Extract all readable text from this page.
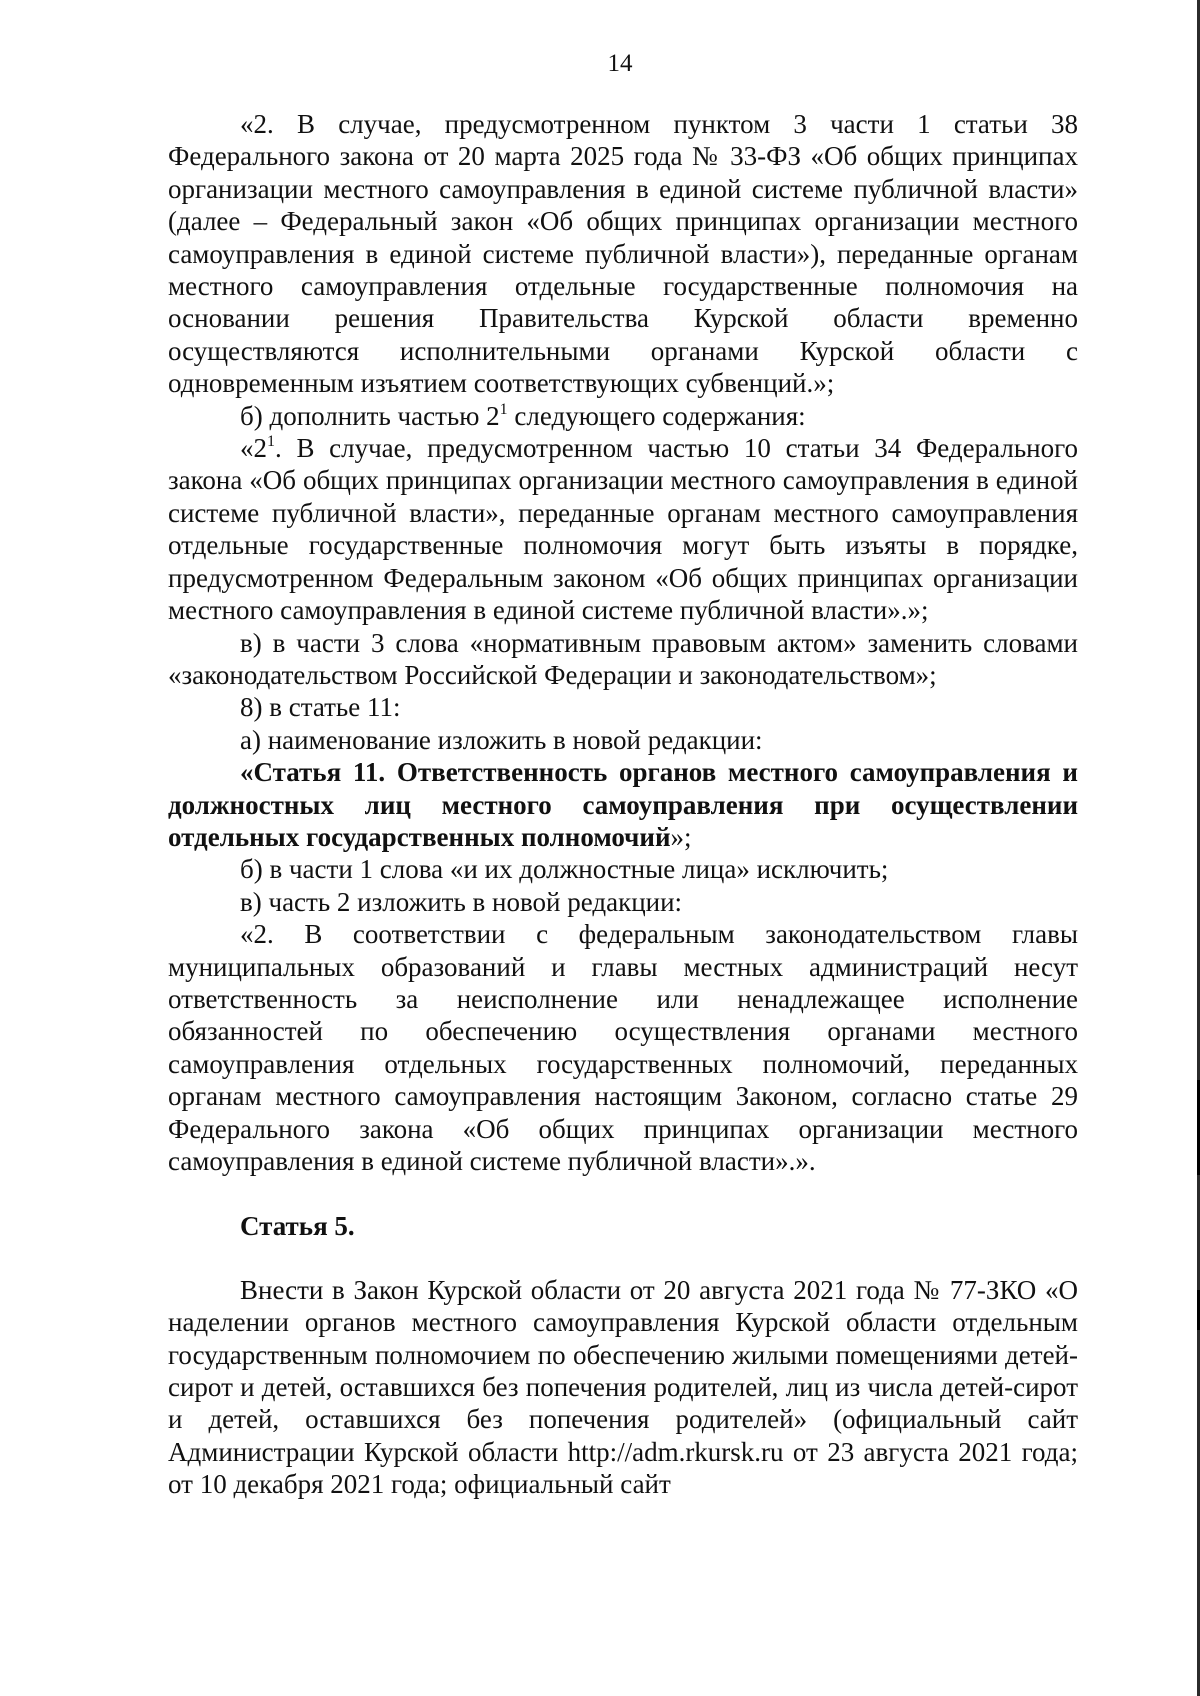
14

«2. В случае, предусмотренном пунктом 3 части 1 статьи 38 Федерального закона от 20 марта 2025 года № 33-ФЗ «Об общих принципах организации местного самоуправления в единой системе публичной власти» (далее – Федеральный закон «Об общих принципах организации местного самоуправления в единой системе публичной власти»), переданные органам местного самоуправления отдельные государственные полномочия на основании решения Правительства Курской области временно осуществляются исполнительными органами Курской области с одновременным изъятием соответствующих субвенций.»;

б) дополнить частью $2^1$ следующего содержания:

«$2^1$. В случае, предусмотренном частью 10 статьи 34 Федерального закона «Об общих принципах организации местного самоуправления в единой системе публичной власти», переданные органам местного самоуправления отдельные государственные полномочия могут быть изъяты в порядке, предусмотренном Федеральным законом «Об общих принципах организации местного самоуправления в единой системе публичной власти».»;

в) в части 3 слова «нормативным правовым актом» заменить словами «законодательством Российской Федерации и законодательством»;

8) в статье 11:

а) наименование изложить в новой редакции:

«Статья 11. Ответственность органов местного самоуправления и должностных лиц местного самоуправления при осуществлении отдельных государственных полномочий»;

б) в части 1 слова «и их должностные лица» исключить;

в) часть 2 изложить в новой редакции:

«2. В соответствии с федеральным законодательством главы муниципальных образований и главы местных администраций несут ответственность за неисполнение или ненадлежащее исполнение обязанностей по обеспечению осуществления органами местного самоуправления отдельных государственных полномочий, переданных органам местного самоуправления настоящим Законом, согласно статье 29 Федерального закона «Об общих принципах организации местного самоуправления в единой системе публичной власти».».

Статья 5.

Внести в Закон Курской области от 20 августа 2021 года № 77-ЗКО «О наделении органов местного самоуправления Курской области отдельным государственным полномочием по обеспечению жилыми помещениями детей-сирот и детей, оставшихся без попечения родителей, лиц из числа детей-сирот и детей, оставшихся без попечения родителей» (официальный сайт Администрации Курской области http://adm.rkursk.ru от 23 августа 2021 года; от 10 декабря 2021 года; официальный сайт
